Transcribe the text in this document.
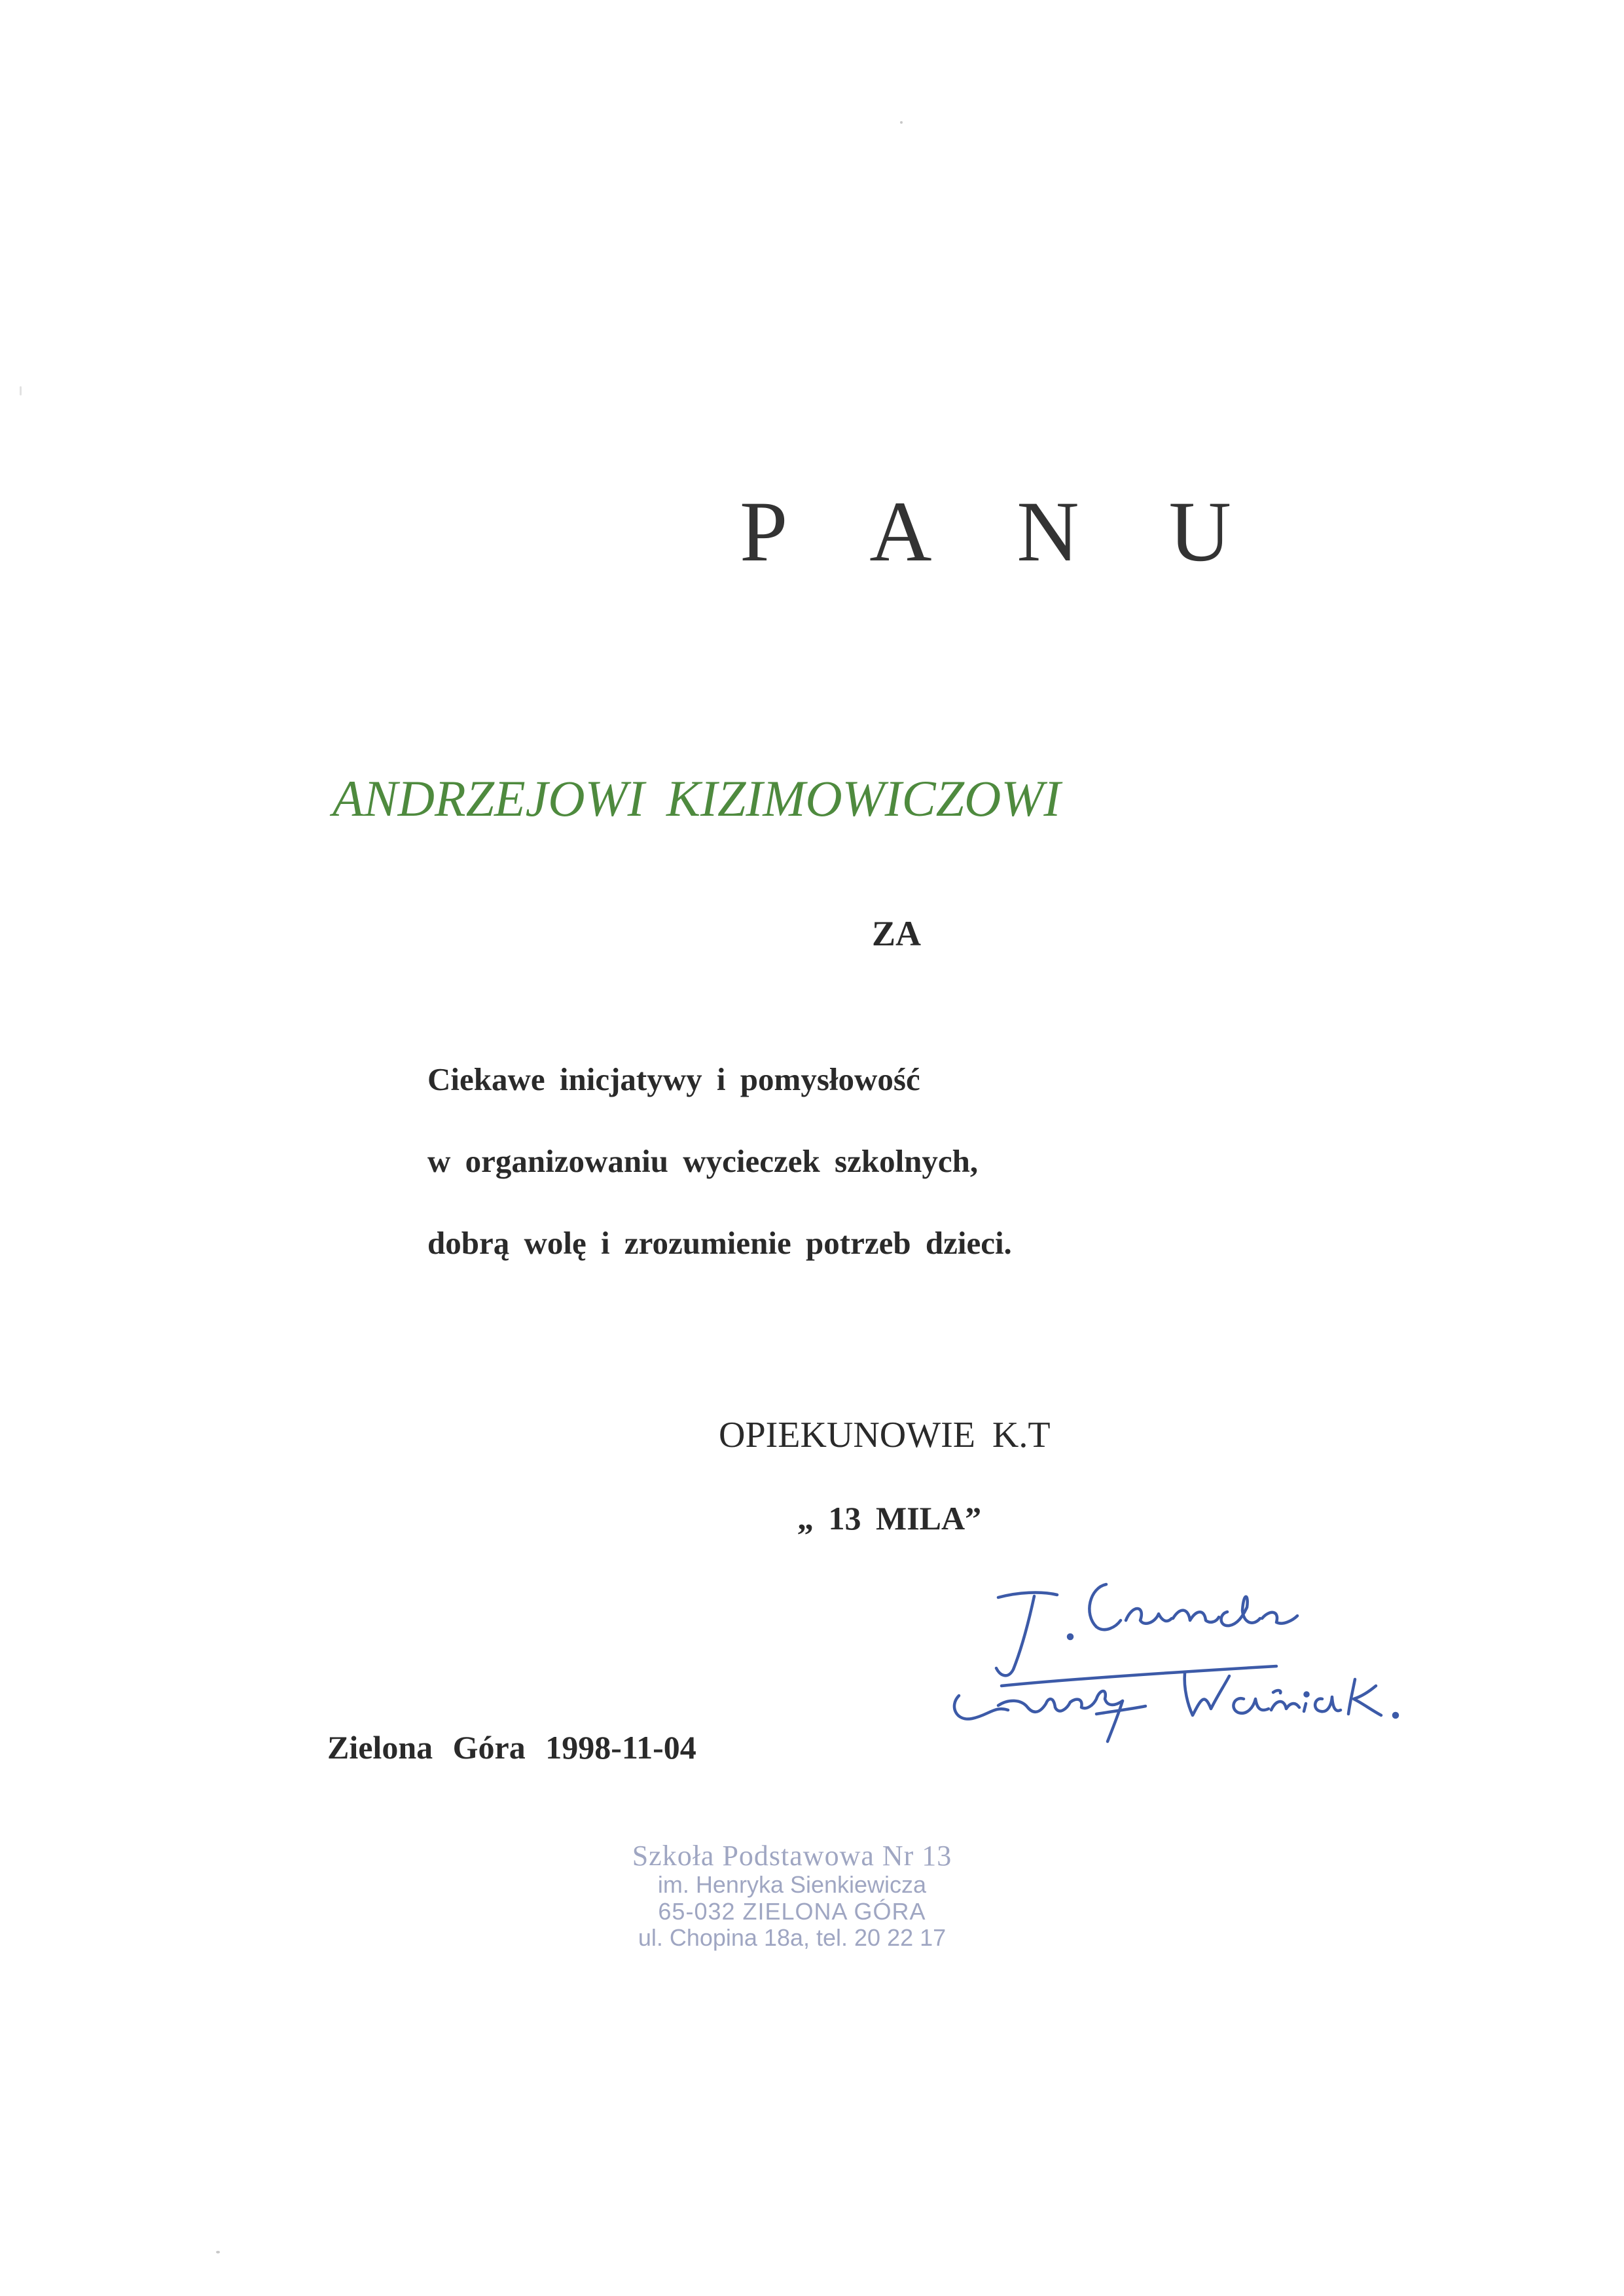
P A N U
ANDRZEJOWI KIZIMOWICZOWI
ZA
Ciekawe inicjatywy i pomysłowość
w organizowaniu wycieczek szkolnych,
dobrą wolę i zrozumienie potrzeb dzieci.
OPIEKUNOWIE K.T
„ 13 MILA”
Zielona Góra 1998-11-04
Szkoła Podstawowa Nr 13
im. Henryka Sienkiewicza
65-032 ZIELONA GÓRA
ul. Chopina 18a, tel. 20 22 17
